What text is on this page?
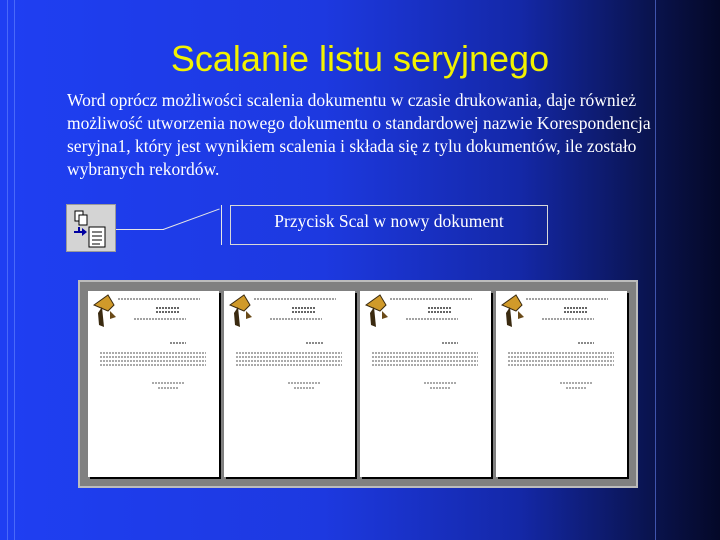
Scalanie listu seryjnego
Word oprócz możliwości scalenia dokumentu w czasie drukowania, daje również możliwość utworzenia nowego dokumentu o standardowej nazwie Korespondencja seryjna1, który jest wynikiem scalenia i składa się z tylu dokumentów, ile zostało wybranych rekordów.
Przycisk Scal w nowy dokument
